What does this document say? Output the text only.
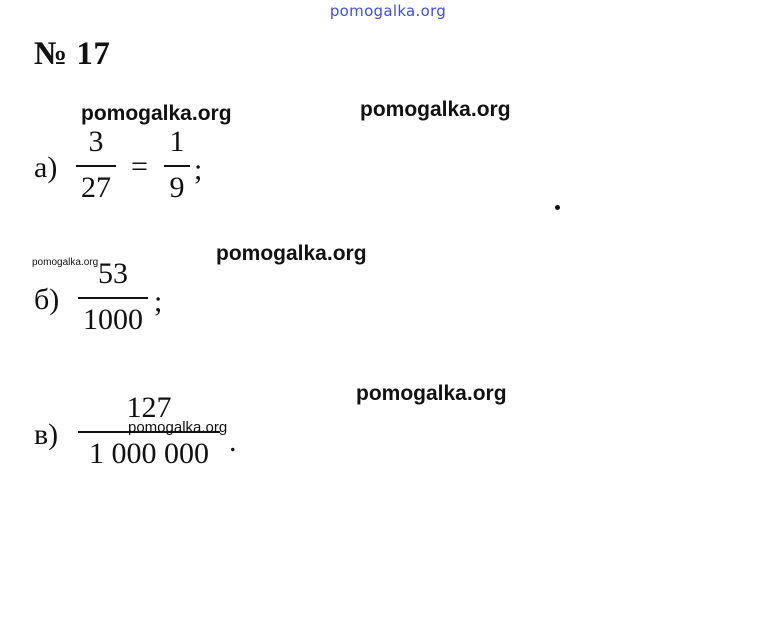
pomogalka.org
№ 17
pomogalka.org	pomogalka.org
pomogalka.org	pomogalka.org
pomogalka.org
а)
3
27
=
1
9
;
б)
53
1000
;
в)
127
1 000 000 .
pomogalka.org
